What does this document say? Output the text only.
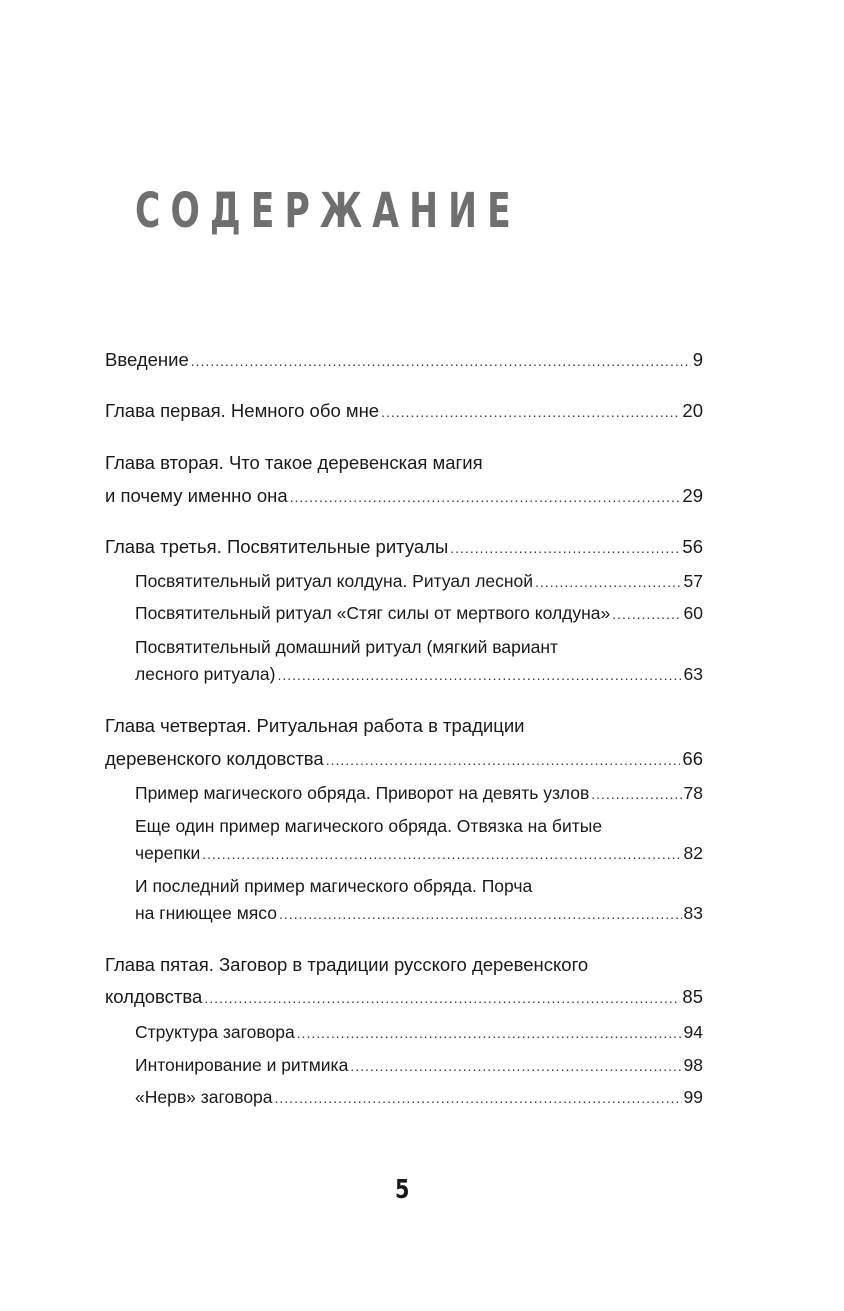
СОДЕРЖАНИЕ
Введение .....	9
Глава первая. Немного обо мне .....	20
Глава вторая. Что такое деревенская магия
и почему именно она .....	29
Глава третья. Посвятительные ритуалы .....	56
Посвятительный ритуал колдуна. Ритуал лесной .....	57
Посвятительный ритуал «Стяг силы от мертвого колдуна» .....	60
Посвятительный домашний ритуал (мягкий вариант
лесного ритуала) .....	63
Глава четвертая. Ритуальная работа в традиции
деревенского колдовства .....	66
Пример магического обряда. Приворот на девять узлов .....	78
Еще один пример магического обряда. Отвязка на битые
черепки .....	82
И последний пример магического обряда. Порча
на гниющее мясо .....	83
Глава пятая. Заговор в традиции русского деревенского
колдовства .....	85
Структура заговора .....	94
Интонирование и ритмика .....	98
«Нерв» заговора .....	99
5
